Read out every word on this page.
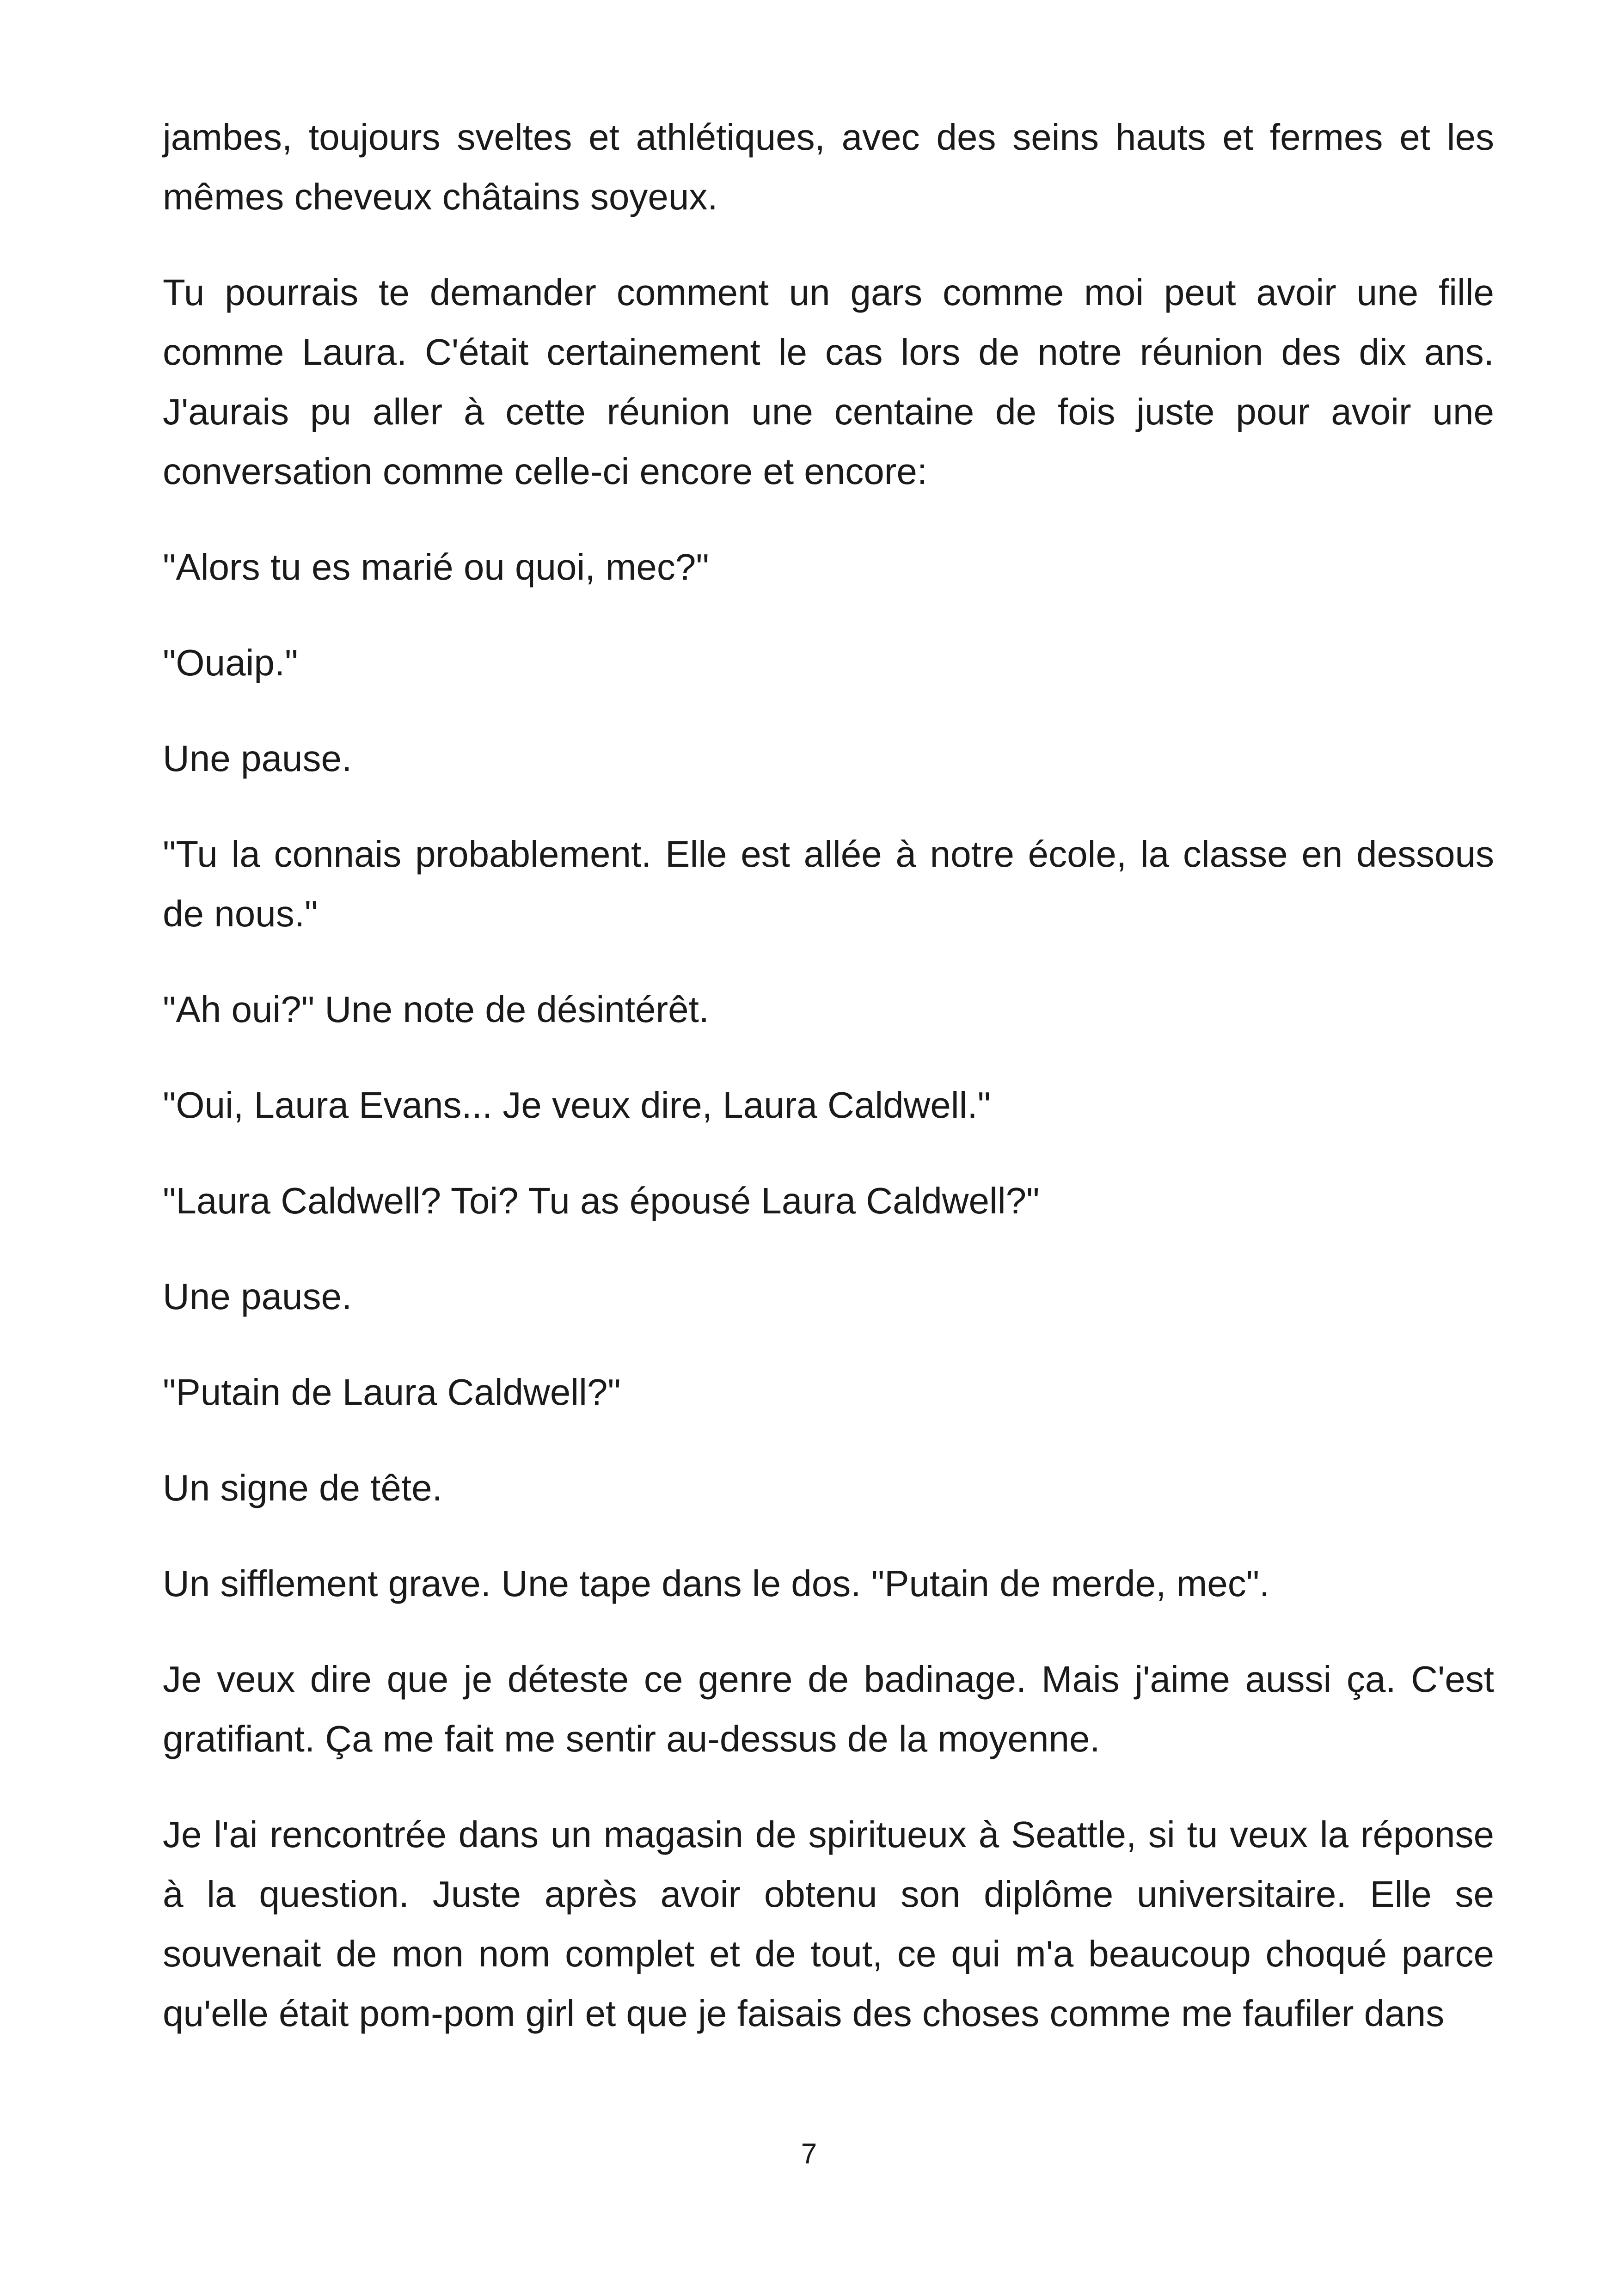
jambes, toujours sveltes et athlétiques, avec des seins hauts et fermes et les mêmes cheveux châtains soyeux.

Tu pourrais te demander comment un gars comme moi peut avoir une fille comme Laura. C'était certainement le cas lors de notre réunion des dix ans. J'aurais pu aller à cette réunion une centaine de fois juste pour avoir une conversation comme celle-ci encore et encore:

"Alors tu es marié ou quoi, mec?"

"Ouaip."

Une pause.

"Tu la connais probablement. Elle est allée à notre école, la classe en dessous de nous."

"Ah oui?" Une note de désintérêt.

"Oui, Laura Evans... Je veux dire, Laura Caldwell."

"Laura Caldwell? Toi? Tu as épousé Laura Caldwell?"

Une pause.

"Putain de Laura Caldwell?"

Un signe de tête.

Un sifflement grave. Une tape dans le dos. "Putain de merde, mec".

Je veux dire que je déteste ce genre de badinage. Mais j'aime aussi ça. C'est gratifiant. Ça me fait me sentir au-dessus de la moyenne.

Je l'ai rencontrée dans un magasin de spiritueux à Seattle, si tu veux la réponse à la question. Juste après avoir obtenu son diplôme universitaire. Elle se souvenait de mon nom complet et de tout, ce qui m'a beaucoup choqué parce qu'elle était pom-pom girl et que je faisais des choses comme me faufiler dans

7
